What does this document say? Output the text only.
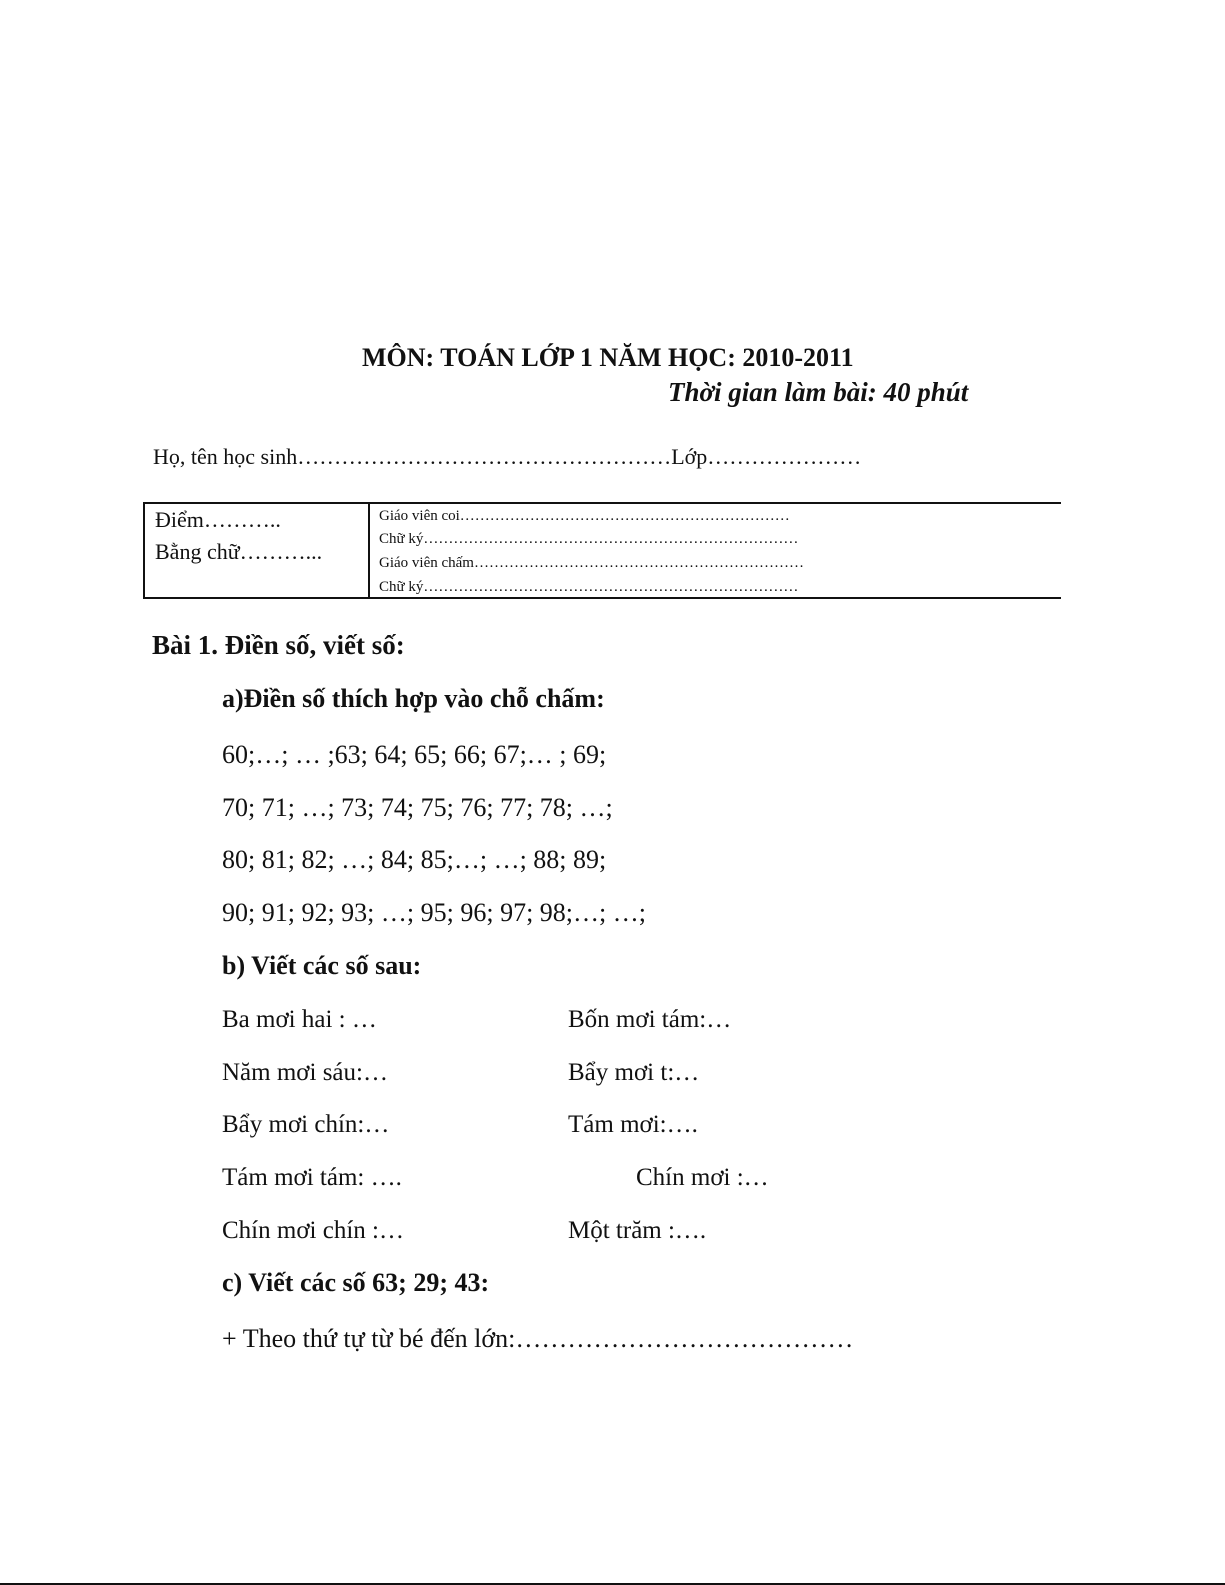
MÔN: TOÁN LỚP 1 NĂM HỌC: 2010-2011
Thời gian làm bài: 40 phút
Họ, tên học sinh……………………………………………Lớp…………………
Điểm………..
Bằng chữ………...
Giáo viên coi…………………………………………………………
Chữ ký…………………………………………………………………
Giáo viên chấm…………………………………………………………
Chữ ký…………………………………………………………………
Bài 1. Điền số, viết số:
a)Điền số thích hợp vào chỗ chấm:
60;…; … ;63; 64; 65; 66; 67;… ; 69;
70; 71; …; 73; 74; 75; 76; 77; 78; …;
80; 81; 82; …; 84; 85;…; …; 88; 89;
90; 91; 92; 93; …; 95; 96; 97; 98;…; …;
b) Viết các số sau:
Ba mơi hai : …	Bốn mơi tám:…
Năm mơi sáu:…	Bẩy mơi t:…
Bẩy mơi chín:…	Tám mơi:….
Tám mơi tám: ….	Chín mơi :…
Chín mơi chín :…	Một trăm :….
c) Viết các số 63; 29; 43:
+ Theo thứ tự từ bé đến lớn:…………………………………
